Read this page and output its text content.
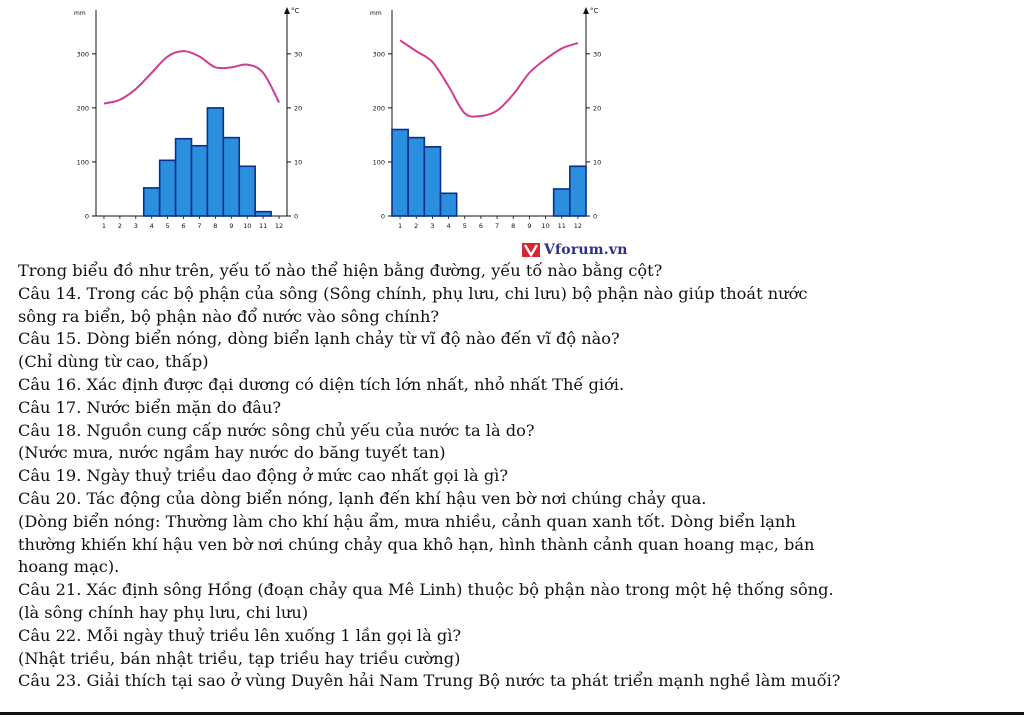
mm	°C
0
100
200
300
0
10
20
30
1 2 3 4 5 6 7 8 9 10 11 12
mm	°C
0
100
200
300
0
10
20
30
1 2 3 4 5 6 7 8 9 10 11 12
Vforum.vn
Trong biểu đồ như trên, yếu tố nào thể hiện bằng đường, yếu tố nào bằng cột?
Câu 14. Trong các bộ phận của sông (Sông chính, phụ lưu, chi lưu) bộ phận nào giúp thoát nước
sông ra biển, bộ phận nào đổ nước vào sông chính?
Câu 15. Dòng biển nóng, dòng biển lạnh chảy từ vĩ độ nào đến vĩ độ nào?
(Chỉ dùng từ cao, thấp)
Câu 16. Xác định được đại dương có diện tích lớn nhất, nhỏ nhất Thế giới.
Câu 17. Nước biển mặn do đâu?
Câu 18. Nguồn cung cấp nước sông chủ yếu của nước ta là do?
(Nước mưa, nước ngầm hay nước do băng tuyết tan)
Câu 19. Ngày thuỷ triều dao động ở mức cao nhất gọi là gì?
Câu 20. Tác động của dòng biển nóng, lạnh đến khí hậu ven bờ nơi chúng chảy qua.
(Dòng biển nóng: Thường làm cho khí hậu ẩm, mưa nhiều, cảnh quan xanh tốt. Dòng biển lạnh
thường khiến khí hậu ven bờ nơi chúng chảy qua khô hạn, hình thành cảnh quan hoang mạc, bán
hoang mạc).
Câu 21. Xác định sông Hồng (đoạn chảy qua Mê Linh) thuộc bộ phận nào trong một hệ thống sông.
(là sông chính hay phụ lưu, chi lưu)
Câu 22. Mỗi ngày thuỷ triều lên xuống 1 lần gọi là gì?
(Nhật triều, bán nhật triều, tạp triều hay triều cường)
Câu 23. Giải thích tại sao ở vùng Duyên hải Nam Trung Bộ nước ta phát triển mạnh nghề làm muối?
